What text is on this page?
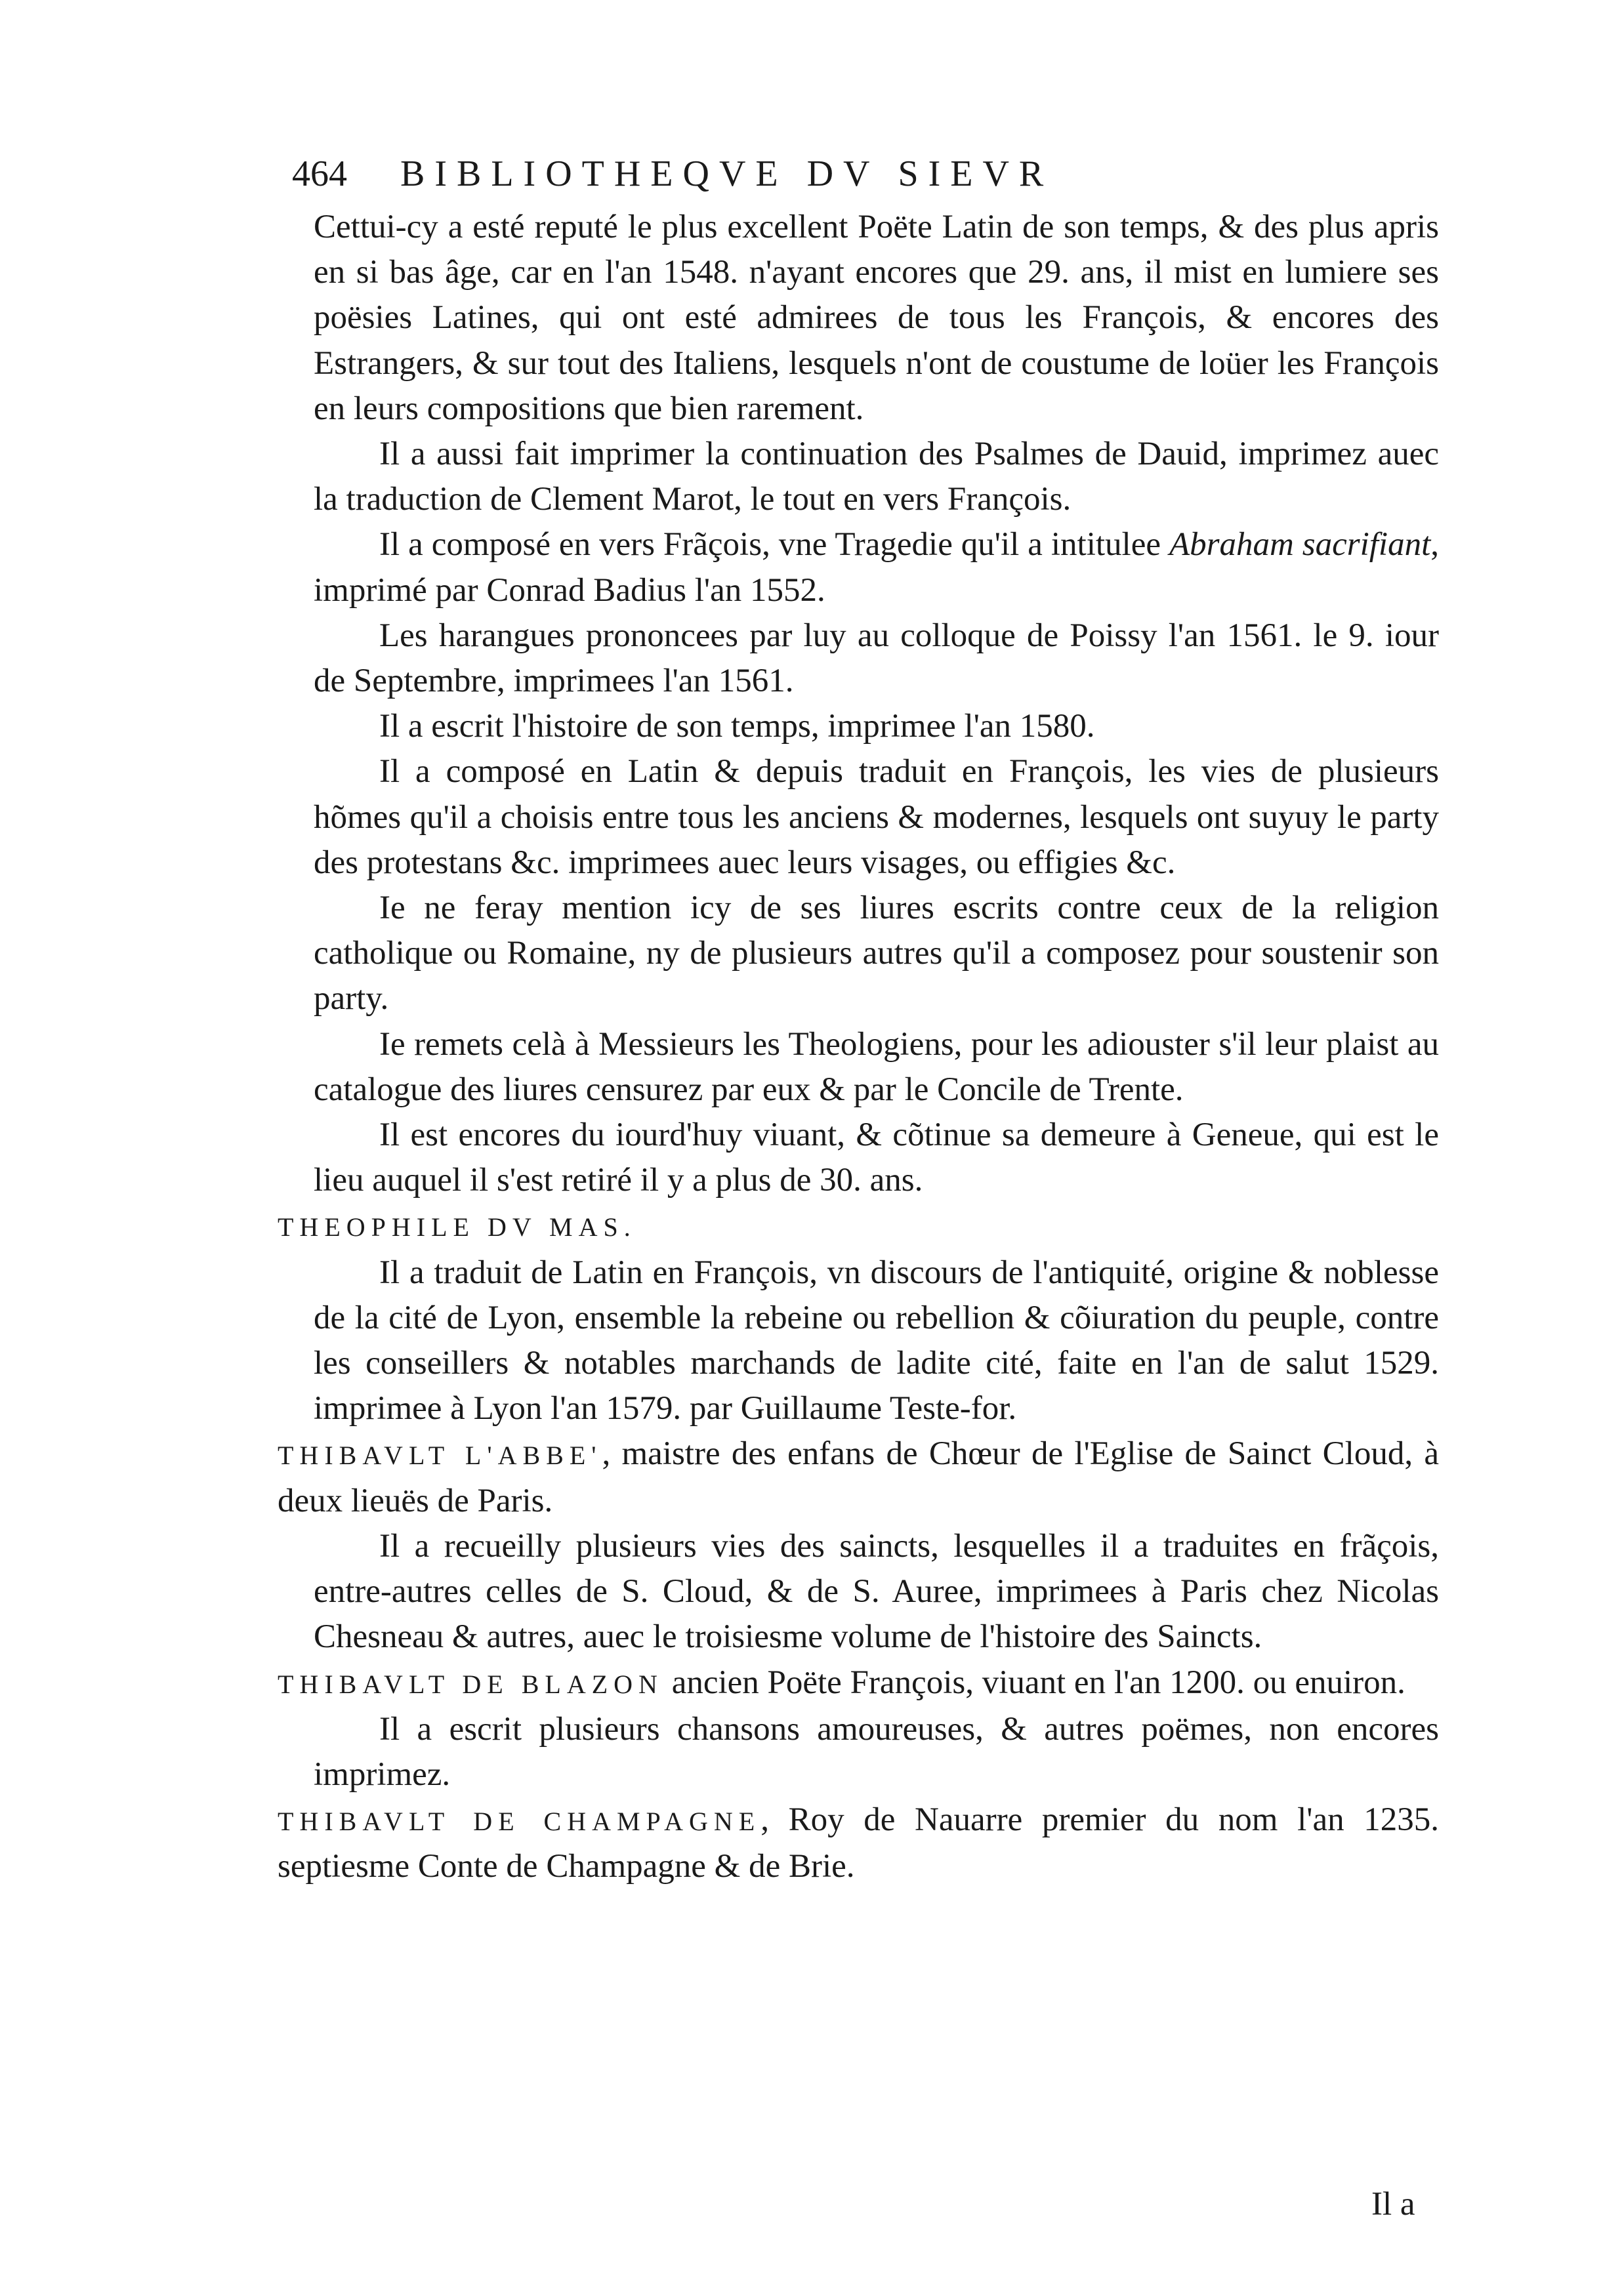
464 BIBLIOTHEQVE DV SIEVR

Cettui-cy a esté reputé le plus excellent Poëte Latin de son temps, & des plus apris en si bas âge, car en l'an 1548. n'ayant encores que 29. ans, il mist en lumiere ses poësies Latines, qui ont esté admirees de tous les François, & encores des Estrangers, & sur tout des Italiens, lesquels n'ont de coustume de loüer les François en leurs compositions que bien rarement.

Il a aussi fait imprimer la continuation des Psalmes de Dauid, imprimez auec la traduction de Clement Marot, le tout en vers François.

Il a composé en vers Frãçois, vne Tragedie qu'il a intitulee Abraham sacrifiant, imprimé par Conrad Badius l'an 1552.

Les harangues prononcees par luy au colloque de Poissy l'an 1561. le 9. iour de Septembre, imprimees l'an 1561.

Il a escrit l'histoire de son temps, imprimee l'an 1580.

Il a composé en Latin & depuis traduit en François, les vies de plusieurs hõmes qu'il a choisis entre tous les anciens & modernes, lesquels ont suyuy le party des protestans &c. imprimees auec leurs visages, ou effigies &c.

Ie ne feray mention icy de ses liures escrits contre ceux de la religion catholique ou Romaine, ny de plusieurs autres qu'il a composez pour soustenir son party.

Ie remets celà à Messieurs les Theologiens, pour les adiouster s'il leur plaist au catalogue des liures censurez par eux & par le Concile de Trente.

Il est encores du iourd'huy viuant, & cõtinue sa demeure à Geneue, qui est le lieu auquel il s'est retiré il y a plus de 30. ans.

THEOPHILE DV MAS.

Il a traduit de Latin en François, vn discours de l'antiquité, origine & noblesse de la cité de Lyon, ensemble la rebeine ou rebellion & cõiuration du peuple, contre les conseillers & notables marchands de ladite cité, faite en l'an de salut 1529. imprimee à Lyon l'an 1579. par Guillaume Teste-for.

THIBAVLT L'ABBE', maistre des enfans de Chœur de l'Eglise de Sainct Cloud, à deux lieuës de Paris.

Il a recueilly plusieurs vies des saincts, lesquelles il a traduites en frãçois, entre-autres celles de S. Cloud, & de S. Auree, imprimees à Paris chez Nicolas Chesneau & autres, auec le troisiesme volume de l'histoire des Saincts.

THIBAVLT DE BLAZON ancien Poëte François, viuant en l'an 1200. ou enuiron.

Il a escrit plusieurs chansons amoureuses, & autres poëmes, non encores imprimez.

THIBAVLT DE CHAMPAGNE, Roy de Nauarre premier du nom l'an 1235. septiesme Conte de Champagne & de Brie.

Il a
